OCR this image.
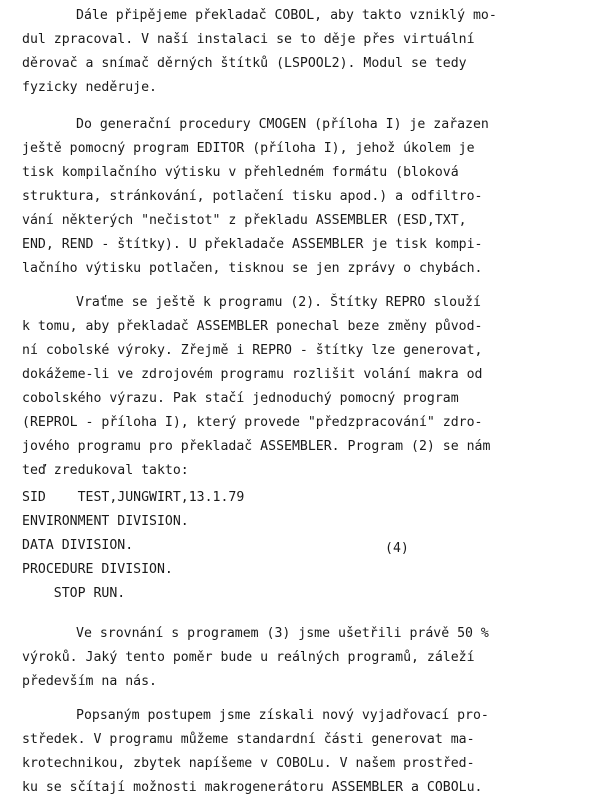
Dále připějeme překladač COBOL, aby takto vzniklý mo-

dul zpracoval. V naší instalaci se to děje přes virtuální

děrovač a snímač děrných štítků (LSPOOL2). Modul se tedy

fyzicky neděruje.

Do generační procedury CMOGEN (příloha I) je zařazen

ještě pomocný program EDITOR (příloha I), jehož úkolem je

tisk kompilačního výtisku v přehledném formátu (bloková

struktura, stránkování, potlačení tisku apod.) a odfiltro-

vání některých "nečistot" z překladu ASSEMBLER (ESD,TXT,

END, REND - štítky). U překladače ASSEMBLER je tisk kompi-

lačního výtisku potlačen, tisknou se jen zprávy o chybách.

Vraťme se ještě k programu (2). Štítky REPRO slouží

k tomu, aby překladač ASSEMBLER ponechal beze změny původ-

ní cobolské výroky. Zřejmě i REPRO - štítky lze generovat,

dokážeme-li ve zdrojovém programu rozlišit volání makra od

cobolského výrazu. Pak stačí jednoduchý pomocný program

(REPROL - příloha I), který provede "předzpracování" zdro-

jového programu pro překladač ASSEMBLER. Program (2) se nám

teď zredukoval takto:

SID    TEST,JUNGWIRT,13.1.79

ENVIRONMENT DIVISION.

DATA DIVISION.

PROCEDURE DIVISION.

STOP RUN.

(4)

Ve srovnání s programem (3) jsme ušetřili právě 50 %

výroků. Jaký tento poměr bude u reálných programů, záleží

především na nás.

Popsaným postupem jsme získali nový vyjadřovací pro-

středek. V programu můžeme standardní části generovat ma-

krotechnikou, zbytek napíšeme v COBOLu. V našem prostřed-

ku se sčítají možnosti makrogenerátoru ASSEMBLER a COBOLu.
